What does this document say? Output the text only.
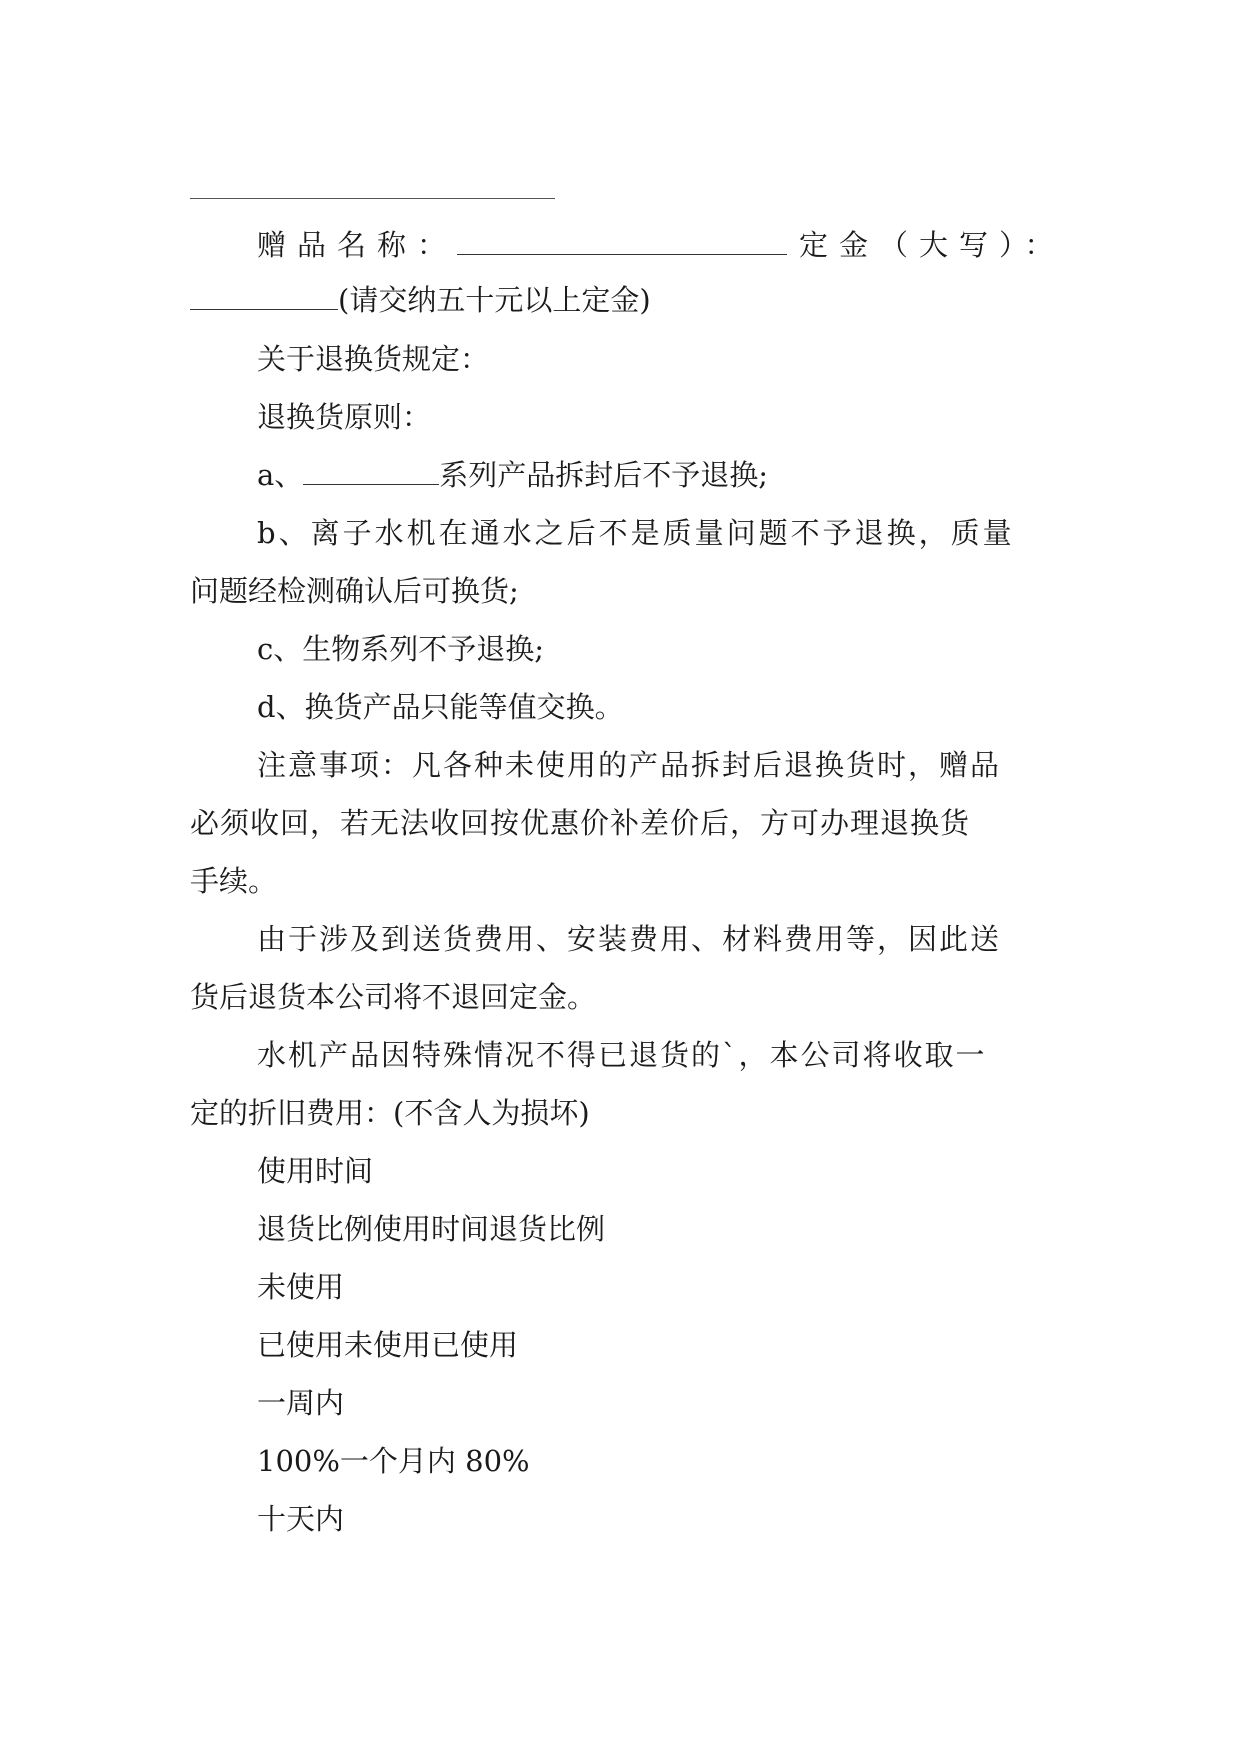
赠品名称：	定金（大写）：
(请交纳五十元以上定金)
关于退换货规定：
退换货原则：
a、	系列产品拆封后不予退换;
b、离子水机在通水之后不是质量问题不予退换，质量
问题经检测确认后可换货;
c、生物系列不予退换;
d、换货产品只能等值交换。
注意事项：凡各种未使用的产品拆封后退换货时，赠品
必须收回，若无法收回按优惠价补差价后，方可办理退换货
手续。
由于涉及到送货费用、安装费用、材料费用等，因此送
货后退货本公司将不退回定金。
水机产品因特殊情况不得已退货的`，本公司将收取一
定的折旧费用：(不含人为损坏)
使用时间
退货比例使用时间退货比例
未使用
已使用未使用已使用
一周内
100%一个月内 80%
十天内
